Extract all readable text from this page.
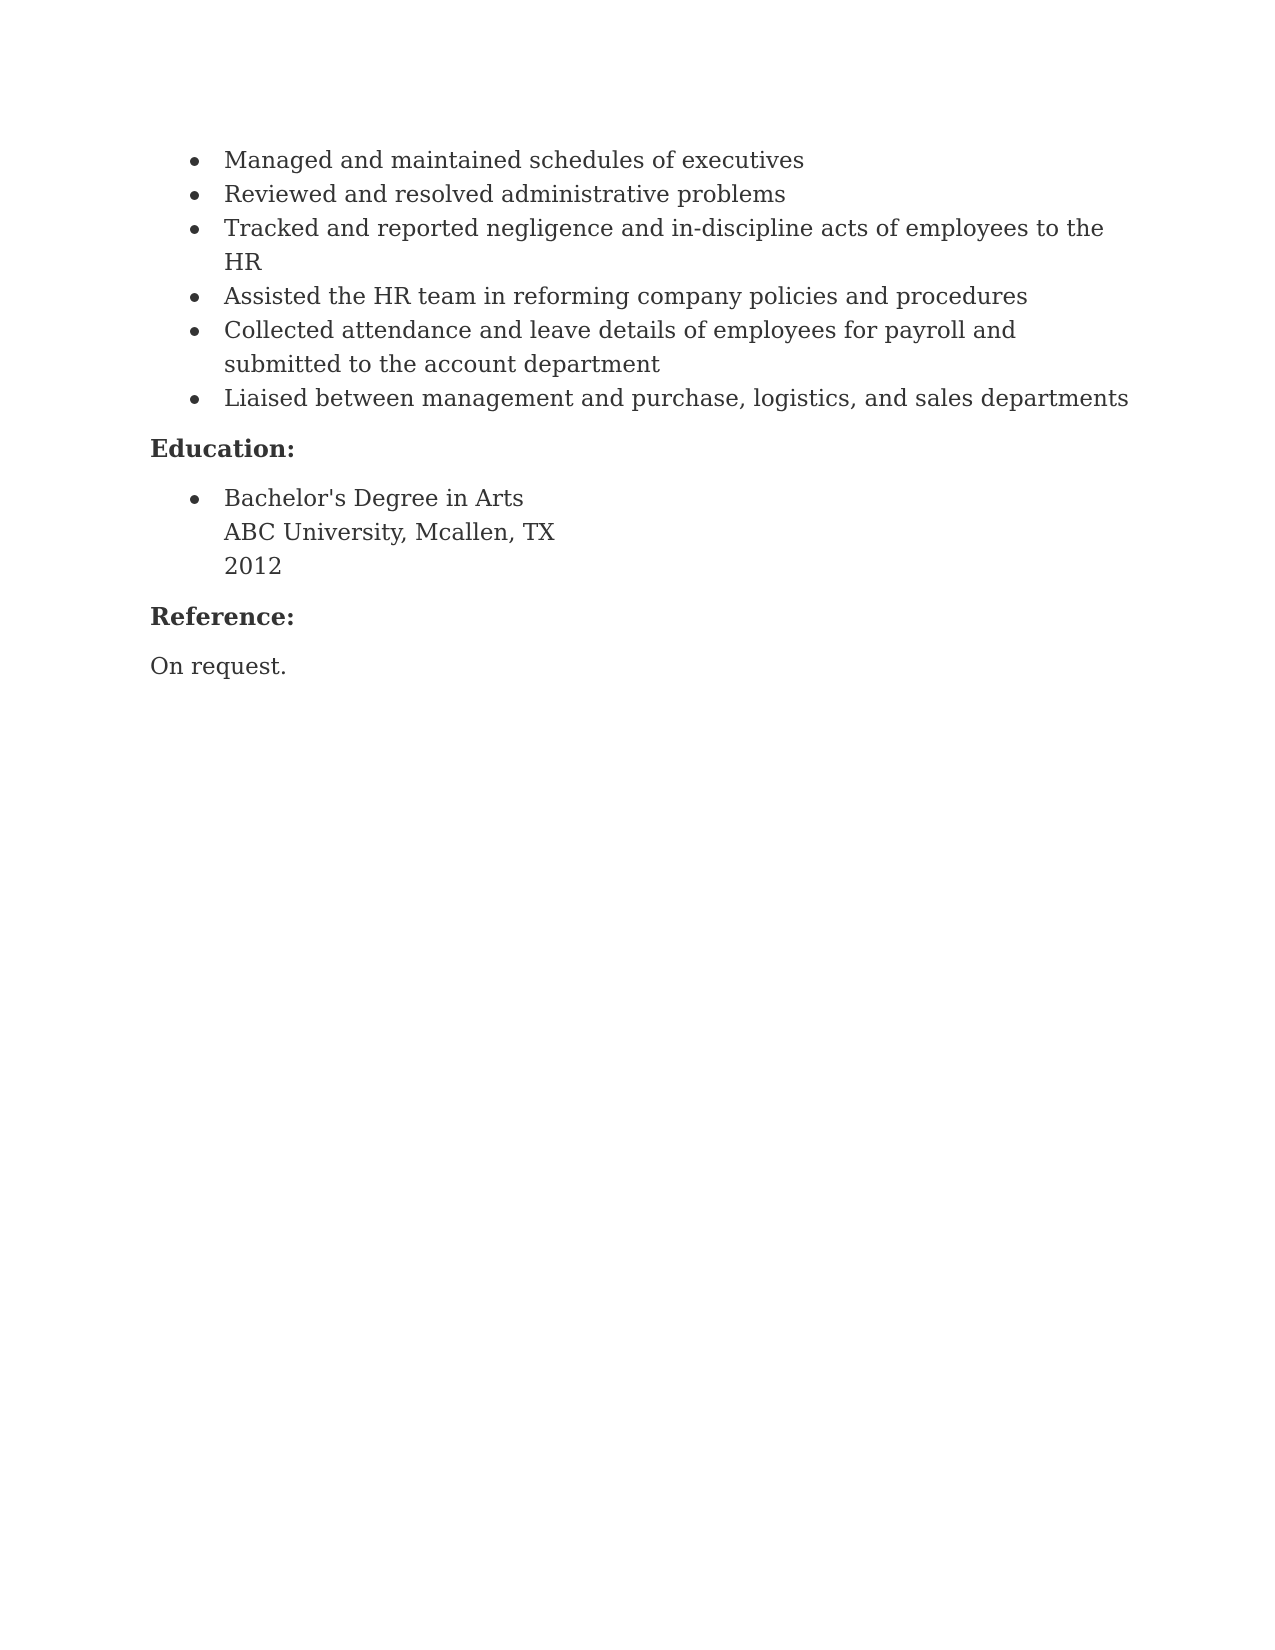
Managed and maintained schedules of executives
Reviewed and resolved administrative problems
Tracked and reported negligence and in-discipline acts of employees to the HR
Assisted the HR team in reforming company policies and procedures
Collected attendance and leave details of employees for payroll and submitted to the account department
Liaised between management and purchase, logistics, and sales departments

Education:

Bachelor's Degree in Arts
ABC University, Mcallen, TX
2012

Reference:

On request.
